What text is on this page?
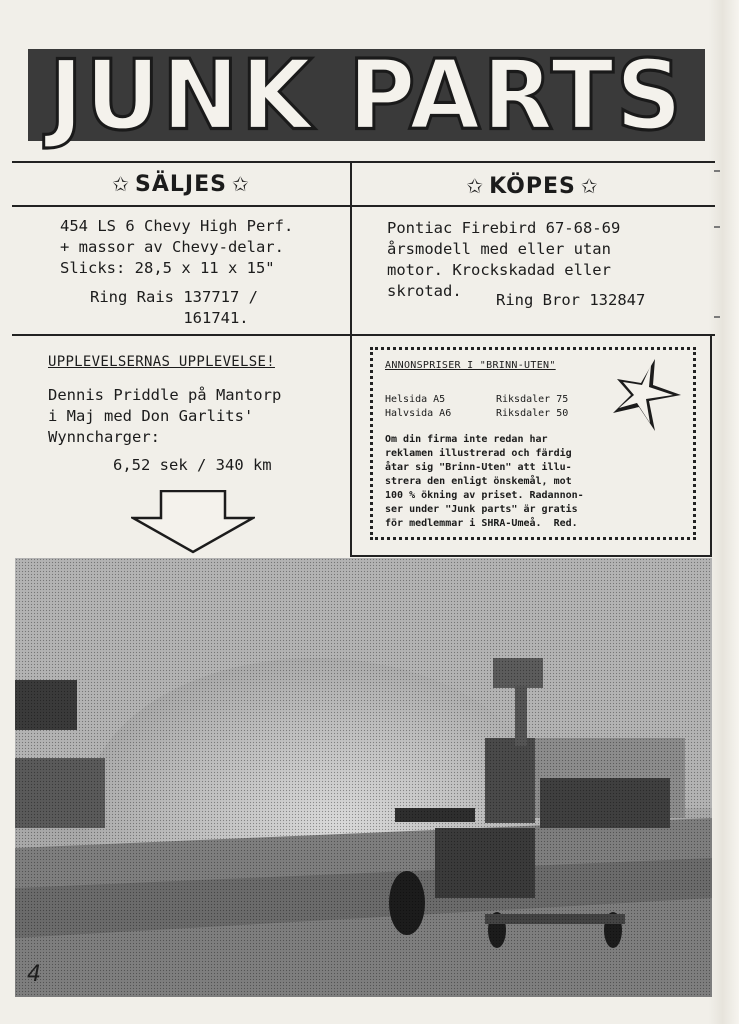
JUNK PARTS
✩ SÄLJES ✩	✩ KÖPES ✩
454 LS 6 Chevy High Perf.
+ massor av Chevy-delar.
Slicks: 28,5 x 11 x 15"
Ring Rais 137717 /
161741.
Pontiac Firebird 67-68-69
årsmodell med eller utan
motor. Krockskadad eller
skrotad.	Ring Bror 132847
UPPLEVELSERNAS UPPLEVELSE!
Dennis Priddle på Mantorp
i Maj med Don Garlits'
Wynncharger:
6,52 sek / 340 km
ANNONSPRISER I "BRINN-UTEN"
Helsida A5	Riksdaler 75
Halvsida A6	Riksdaler 50
Om din firma inte redan har
reklamen illustrerad och färdig
åtar sig "Brinn-Uten" att illu-
strera den enligt önskemål, mot
100 % ökning av priset. Radannon-
ser under "Junk parts" är gratis
för medlemmar i SHRA-Umeå.  Red.
4
